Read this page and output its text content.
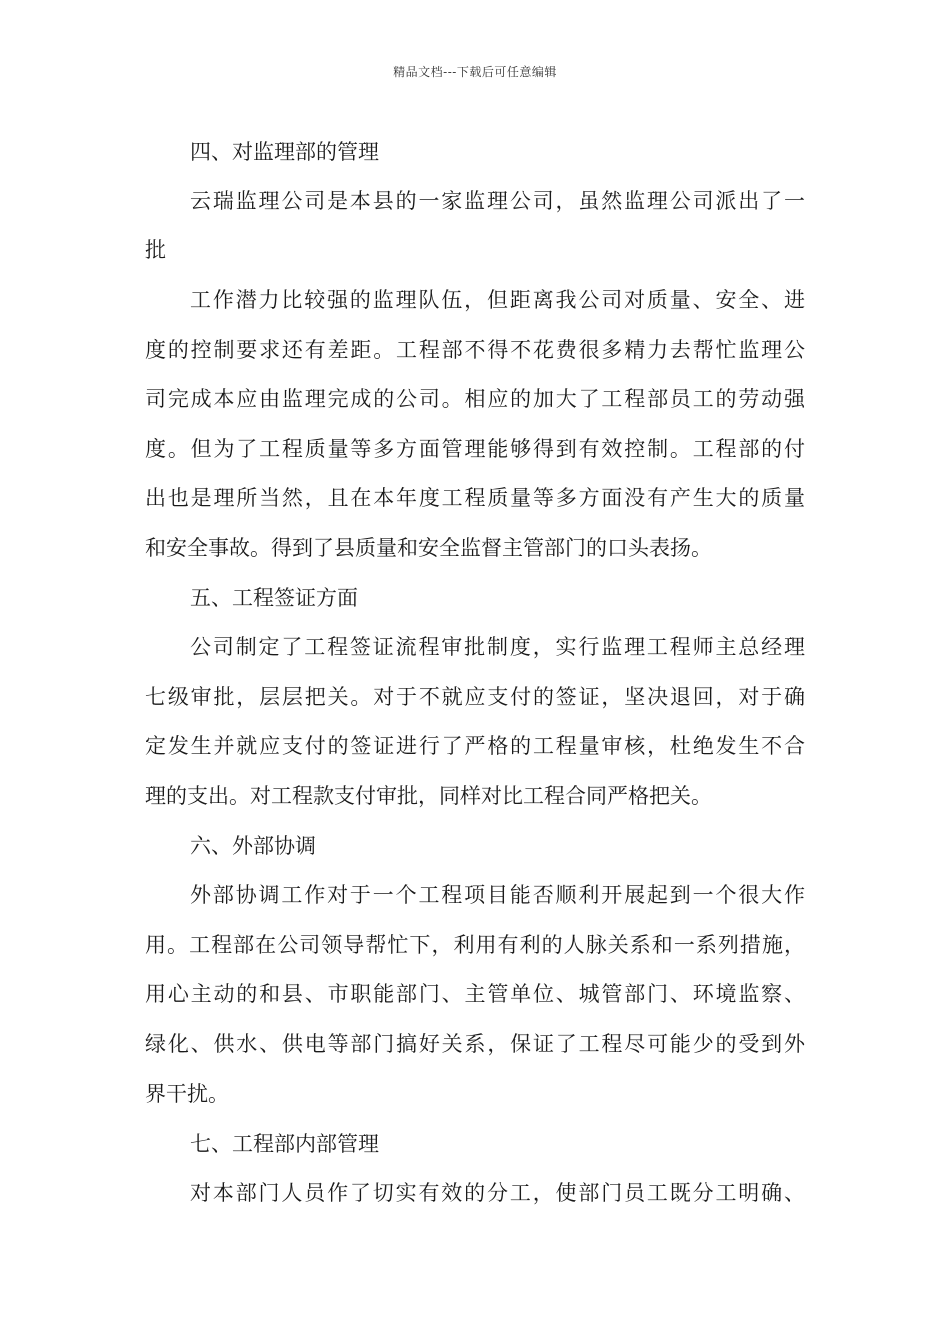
精品文档---下载后可任意编辑
四、对监理部的管理
云瑞监理公司是本县的一家监理公司，虽然监理公司派出了一
批
工作潜力比较强的监理队伍，但距离我公司对质量、安全、进
度的控制要求还有差距。工程部不得不花费很多精力去帮忙监理公
司完成本应由监理完成的公司。相应的加大了工程部员工的劳动强
度。但为了工程质量等多方面管理能够得到有效控制。工程部的付
出也是理所当然，且在本年度工程质量等多方面没有产生大的质量
和安全事故。得到了县质量和安全监督主管部门的口头表扬。
五、工程签证方面
公司制定了工程签证流程审批制度，实行监理工程师主总经理
七级审批，层层把关。对于不就应支付的签证，坚决退回，对于确
定发生并就应支付的签证进行了严格的工程量审核，杜绝发生不合
理的支出。对工程款支付审批，同样对比工程合同严格把关。
六、外部协调
外部协调工作对于一个工程项目能否顺利开展起到一个很大作
用。工程部在公司领导帮忙下，利用有利的人脉关系和一系列措施，
用心主动的和县、市职能部门、主管单位、城管部门、环境监察、
绿化、供水、供电等部门搞好关系，保证了工程尽可能少的受到外
界干扰。
七、工程部内部管理
对本部门人员作了切实有效的分工，使部门员工既分工明确、
